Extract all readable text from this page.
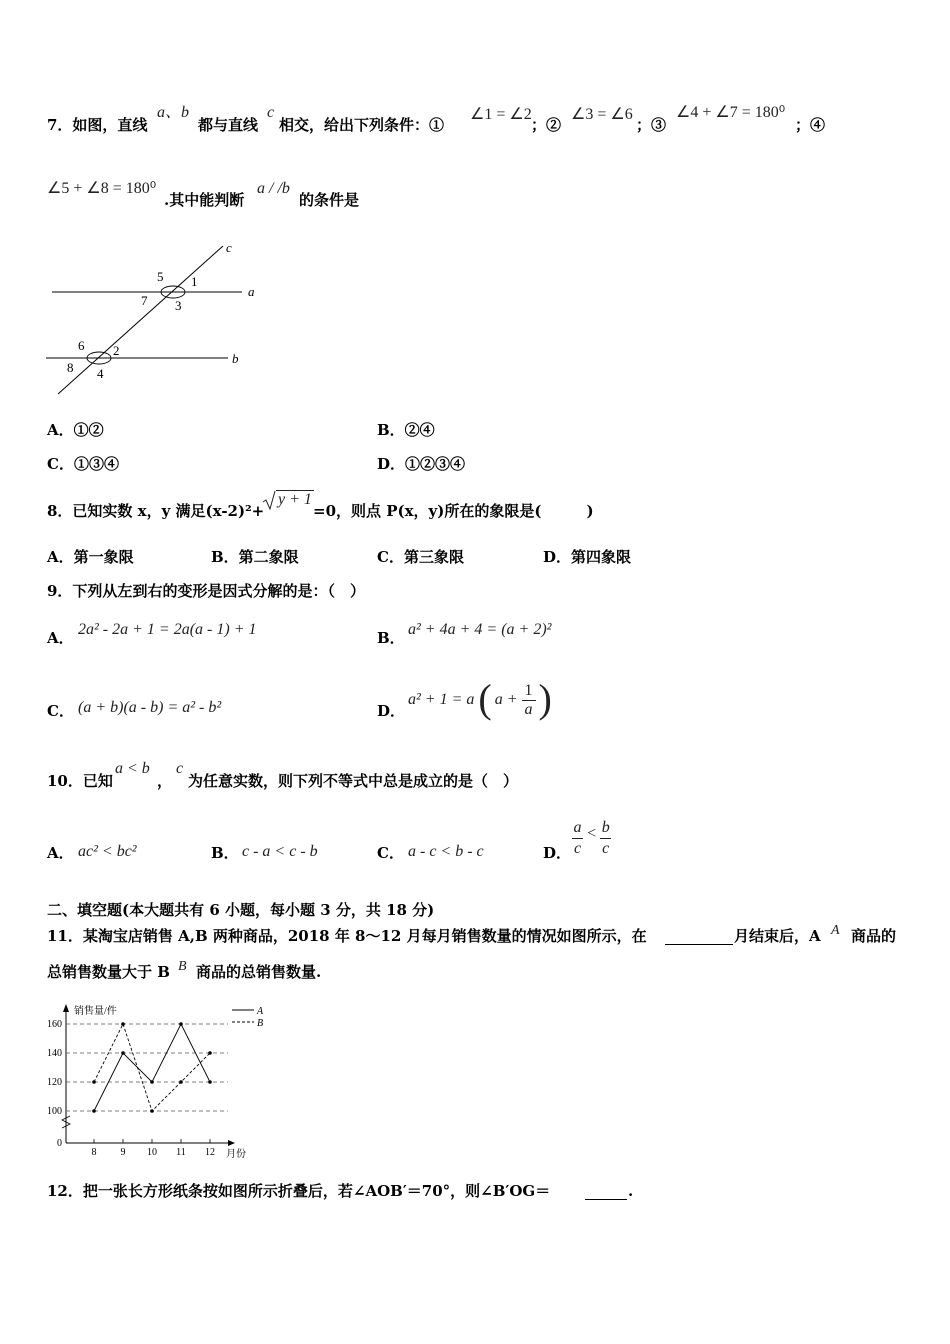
7．如图，直线
a、b
都与直线
c
相交，给出下列条件：①
∠1 = ∠2
；②
∠3 = ∠6
；③
∠4 + ∠7 = 180⁰
；④
∠5 + ∠8 = 180⁰
.其中能判断
a / /b
的条件是
c
a
b
1
5
7 3
6 2
8 4
A．①②	B．②④
C．①③④	D．①②③④
8．已知实数 x，y 满足(x-2)²+
y + 1
=0，则点 P(x，y)所在的象限是(　　　)
A．第一象限	B．第二象限	C．第三象限	D．第四象限
9．下列从左到右的变形是因式分解的是：（　）
A． 2a² - 2a + 1 = 2a(a - 1) + 1	B． a² + 4a + 4 = (a + 2)²
C． (a + b)(a - b) = a² - b²	D．
a² + 1 = a ( $a + \frac{1}{a}$ )
10．已知
a < b
，
c
为任意实数，则下列不等式中总是成立的是（　）
A． ac² < bc²	B． c - a < c - b	C． a - c < b - c	D．
a
c
< b
c
二、填空题(本大题共有 6 小题，每小题 3 分，共 18 分)
11．某淘宝店销售 A,B 两种商品，2018 年 8～12 月每月销售数量的情况如图所示，在	月结束后，A A 商品的
总销售数量大于 B B 商品的总销售数量.
0
100
120
140
160
8 9 10 11 12
销售量/件
月份
A
B
12．把一张长方形纸条按如图所示折叠后，若∠AOB′＝70°，则∠B′OG＝	.
